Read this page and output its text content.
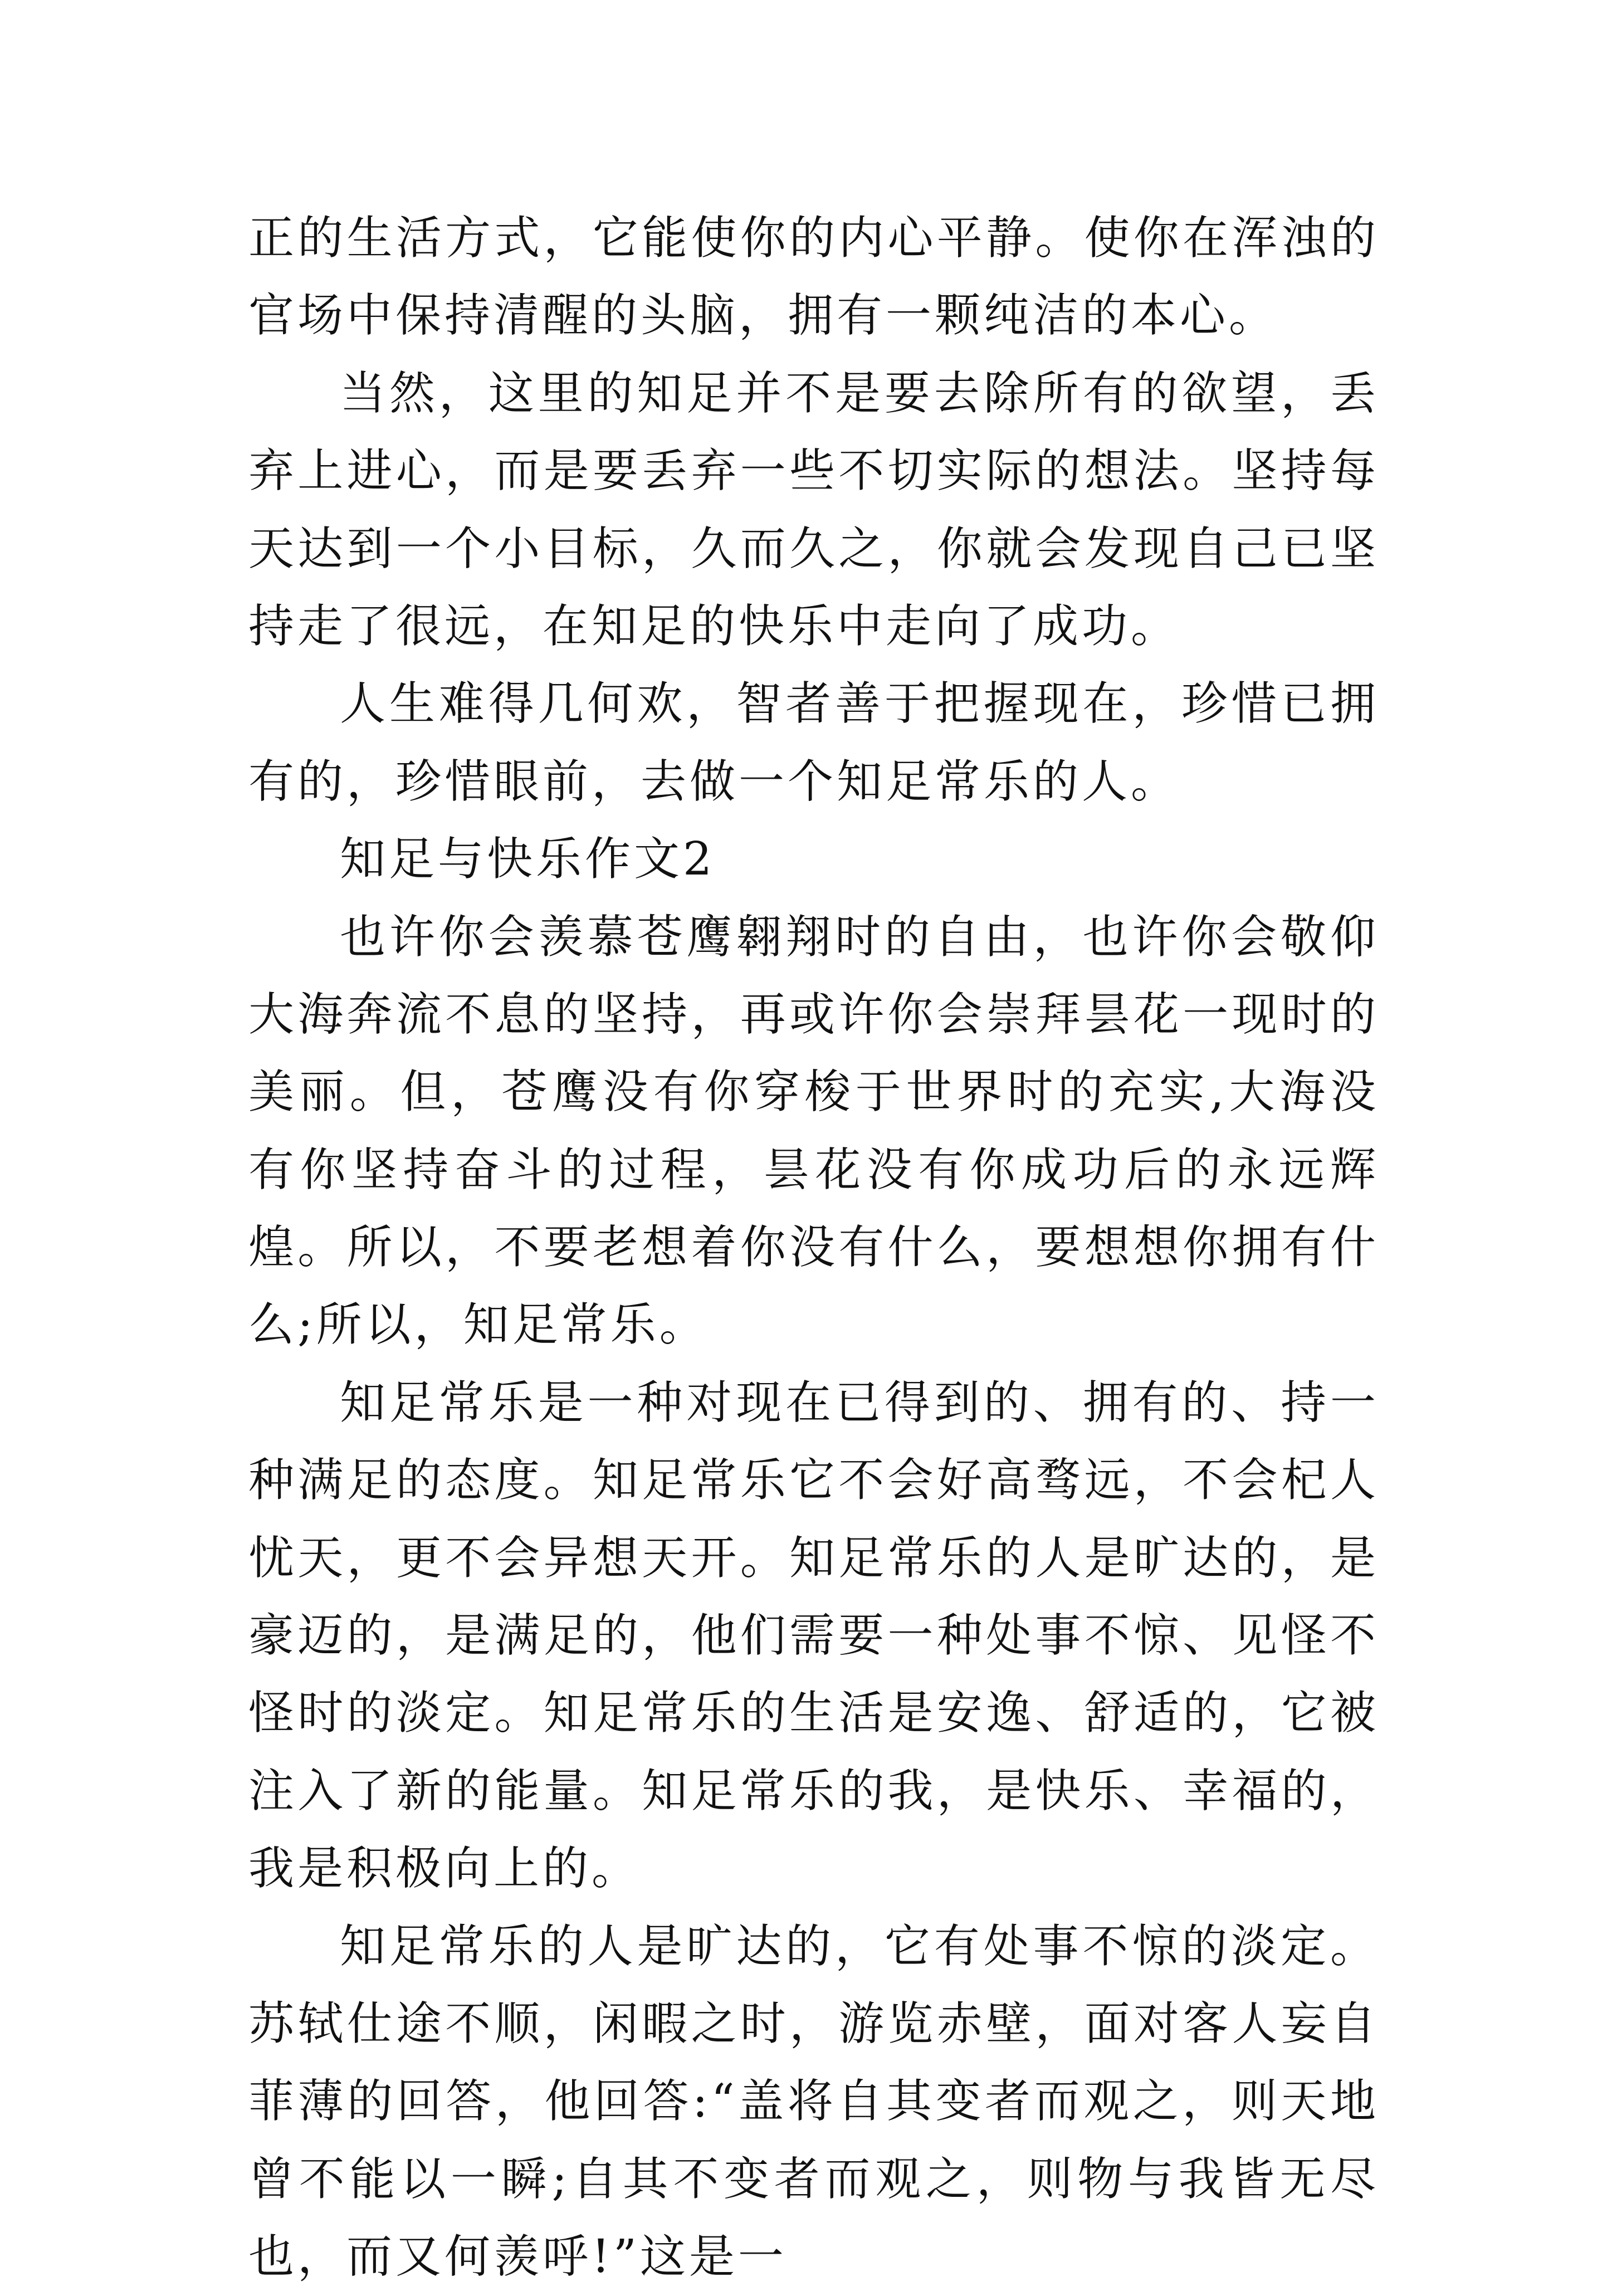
正的生活方式，它能使你的内心平静。使你在浑浊的官场中保持清醒的头脑，拥有一颗纯洁的本心。

当然，这里的知足并不是要去除所有的欲望，丢弃上进心，而是要丢弃一些不切实际的想法。坚持每天达到一个小目标，久而久之，你就会发现自己已坚持走了很远，在知足的快乐中走向了成功。

人生难得几何欢，智者善于把握现在，珍惜已拥有的，珍惜眼前，去做一个知足常乐的人。

知足与快乐作文2

也许你会羡慕苍鹰翱翔时的自由，也许你会敬仰大海奔流不息的坚持，再或许你会崇拜昙花一现时的美丽。但，苍鹰没有你穿梭于世界时的充实,大海没有你坚持奋斗的过程，昙花没有你成功后的永远辉煌。所以，不要老想着你没有什么，要想想你拥有什么;所以，知足常乐。

知足常乐是一种对现在已得到的、拥有的、持一种满足的态度。知足常乐它不会好高骛远，不会杞人忧天，更不会异想天开。知足常乐的人是旷达的，是豪迈的，是满足的，他们需要一种处事不惊、见怪不怪时的淡定。知足常乐的生活是安逸、舒适的，它被注入了新的能量。知足常乐的我，是快乐、幸福的，我是积极向上的。

知足常乐的人是旷达的，它有处事不惊的淡定。苏轼仕途不顺，闲暇之时，游览赤壁，面对客人妄自菲薄的回答，他回答:“盖将自其变者而观之，则天地曾不能以一瞬;自其不变者而观之，则物与我皆无尽也，而又何羡呼!”这是一
